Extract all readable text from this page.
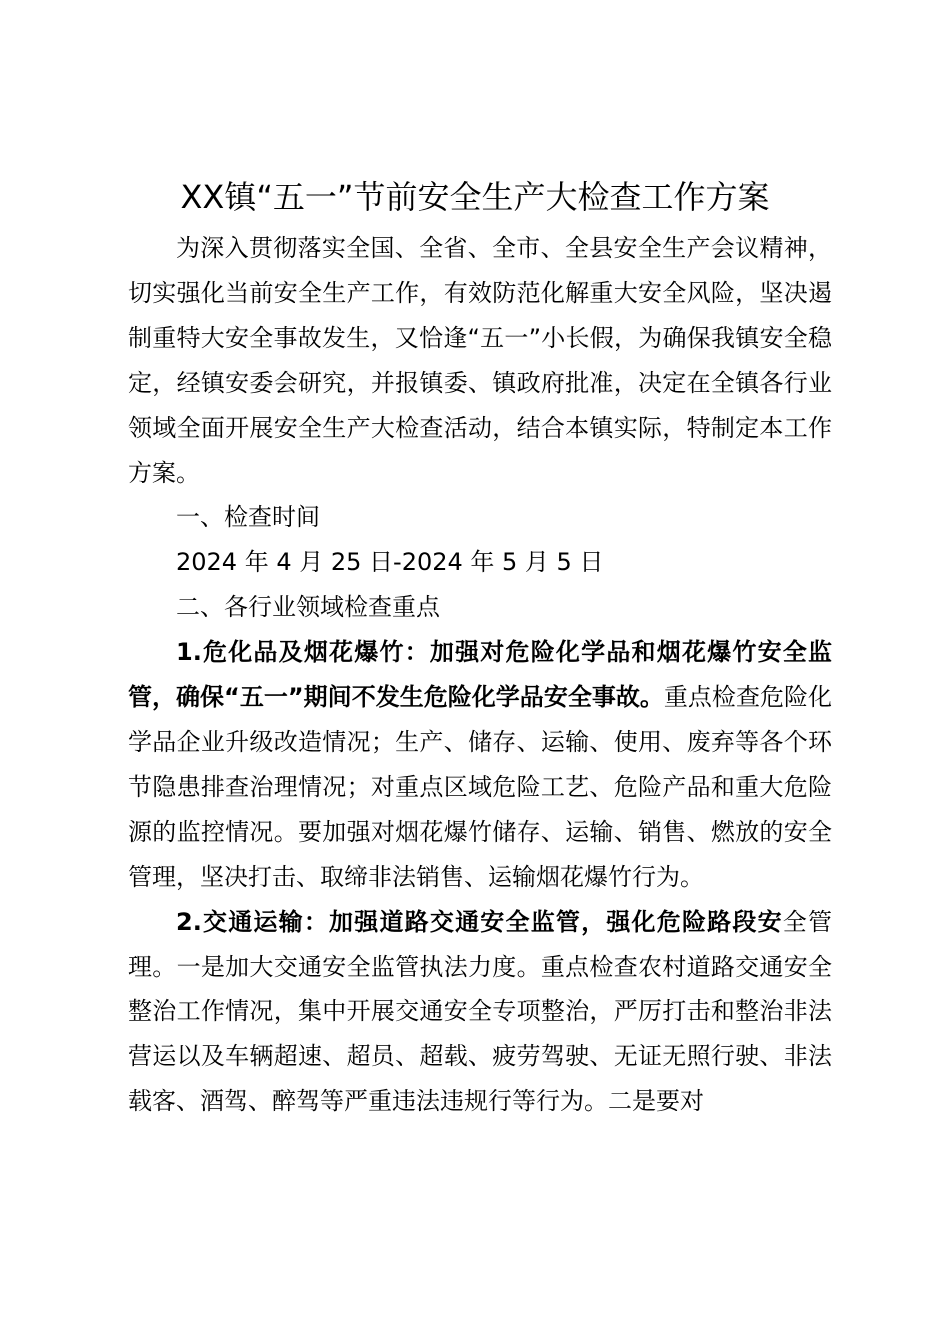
XX镇“五一”节前安全生产大检查工作方案

为深入贯彻落实全国、全省、全市、全县安全生产会议精神，切实强化当前安全生产工作，有效防范化解重大安全风险，坚决遏制重特大安全事故发生，又恰逢“五一”小长假，为确保我镇安全稳定，经镇安委会研究，并报镇委、镇政府批准，决定在全镇各行业领域全面开展安全生产大检查活动，结合本镇实际，特制定本工作方案。

一、检查时间

2024 年 4 月 25 日-2024 年 5 月 5 日

二、各行业领域检查重点

1.危化品及烟花爆竹：加强对危险化学品和烟花爆竹安全监管，确保“五一”期间不发生危险化学品安全事故。重点检查危险化学品企业升级改造情况；生产、储存、运输、使用、废弃等各个环节隐患排查治理情况；对重点区域危险工艺、危险产品和重大危险源的监控情况。要加强对烟花爆竹储存、运输、销售、燃放的安全管理，坚决打击、取缔非法销售、运输烟花爆竹行为。

2.交通运输：加强道路交通安全监管，强化危险路段安全管理。一是加大交通安全监管执法力度。重点检查农村道路交通安全整治工作情况，集中开展交通安全专项整治，严厉打击和整治非法营运以及车辆超速、超员、超载、疲劳驾驶、无证无照行驶、非法载客、酒驾、醉驾等严重违法违规行等行为。二是要对
